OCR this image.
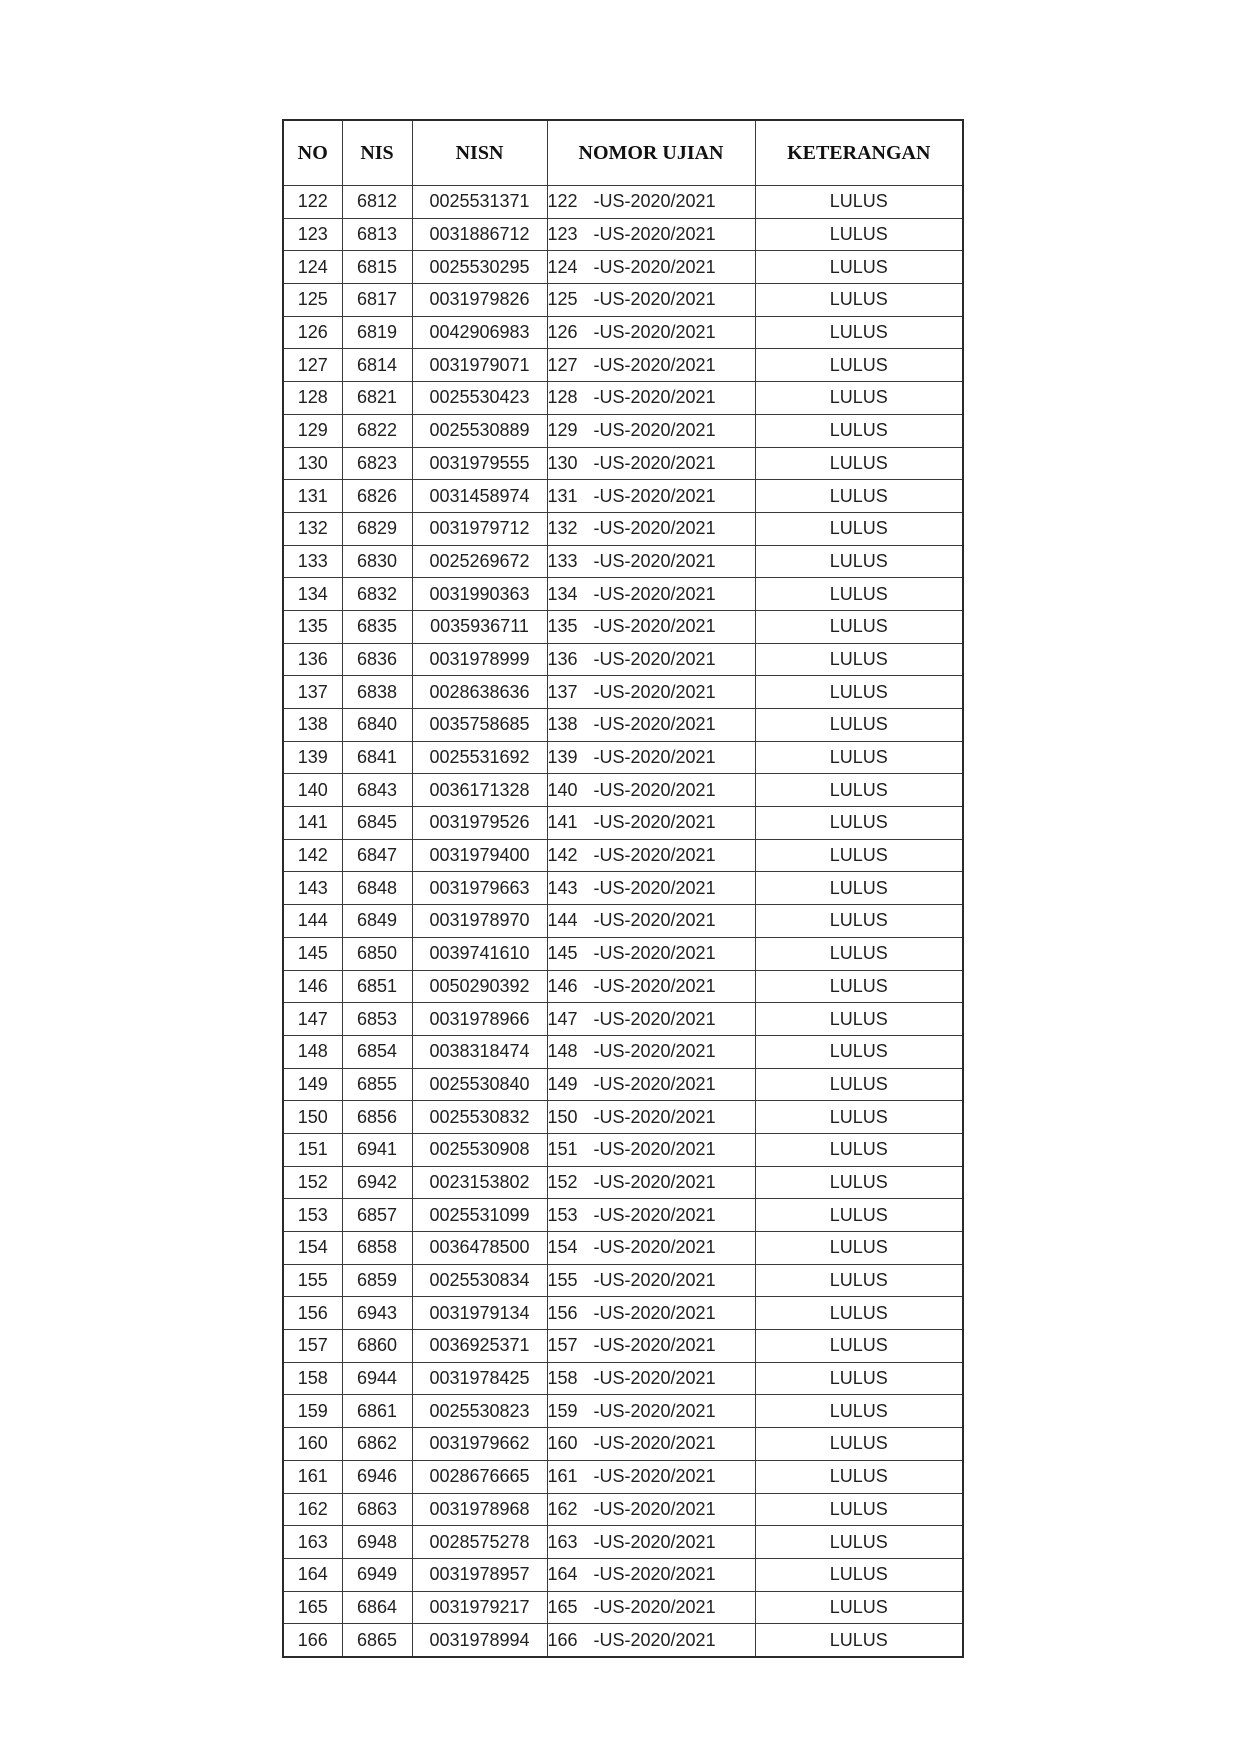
NO	NIS	NISN	NOMOR UJIAN	KETERANGAN
122	6812	0025531371	122 -US-2020/2021	LULUS
123	6813	0031886712	123 -US-2020/2021	LULUS
124	6815	0025530295	124 -US-2020/2021	LULUS
125	6817	0031979826	125 -US-2020/2021	LULUS
126	6819	0042906983	126 -US-2020/2021	LULUS
127	6814	0031979071	127 -US-2020/2021	LULUS
128	6821	0025530423	128 -US-2020/2021	LULUS
129	6822	0025530889	129 -US-2020/2021	LULUS
130	6823	0031979555	130 -US-2020/2021	LULUS
131	6826	0031458974	131 -US-2020/2021	LULUS
132	6829	0031979712	132 -US-2020/2021	LULUS
133	6830	0025269672	133 -US-2020/2021	LULUS
134	6832	0031990363	134 -US-2020/2021	LULUS
135	6835	0035936711	135 -US-2020/2021	LULUS
136	6836	0031978999	136 -US-2020/2021	LULUS
137	6838	0028638636	137 -US-2020/2021	LULUS
138	6840	0035758685	138 -US-2020/2021	LULUS
139	6841	0025531692	139 -US-2020/2021	LULUS
140	6843	0036171328	140 -US-2020/2021	LULUS
141	6845	0031979526	141 -US-2020/2021	LULUS
142	6847	0031979400	142 -US-2020/2021	LULUS
143	6848	0031979663	143 -US-2020/2021	LULUS
144	6849	0031978970	144 -US-2020/2021	LULUS
145	6850	0039741610	145 -US-2020/2021	LULUS
146	6851	0050290392	146 -US-2020/2021	LULUS
147	6853	0031978966	147 -US-2020/2021	LULUS
148	6854	0038318474	148 -US-2020/2021	LULUS
149	6855	0025530840	149 -US-2020/2021	LULUS
150	6856	0025530832	150 -US-2020/2021	LULUS
151	6941	0025530908	151 -US-2020/2021	LULUS
152	6942	0023153802	152 -US-2020/2021	LULUS
153	6857	0025531099	153 -US-2020/2021	LULUS
154	6858	0036478500	154 -US-2020/2021	LULUS
155	6859	0025530834	155 -US-2020/2021	LULUS
156	6943	0031979134	156 -US-2020/2021	LULUS
157	6860	0036925371	157 -US-2020/2021	LULUS
158	6944	0031978425	158 -US-2020/2021	LULUS
159	6861	0025530823	159 -US-2020/2021	LULUS
160	6862	0031979662	160 -US-2020/2021	LULUS
161	6946	0028676665	161 -US-2020/2021	LULUS
162	6863	0031978968	162 -US-2020/2021	LULUS
163	6948	0028575278	163 -US-2020/2021	LULUS
164	6949	0031978957	164 -US-2020/2021	LULUS
165	6864	0031979217	165 -US-2020/2021	LULUS
166	6865	0031978994	166 -US-2020/2021	LULUS
